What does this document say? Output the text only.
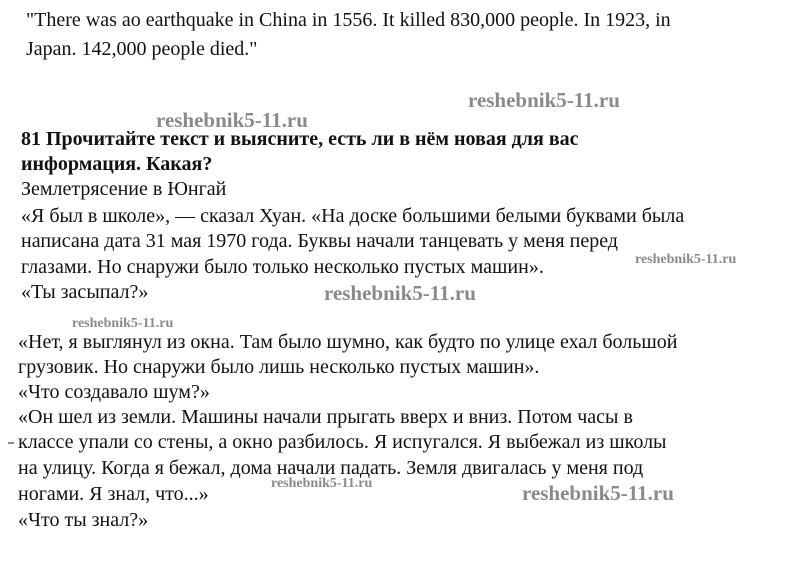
"There was ao earthquake in China in 1556. It killed 830,000 people. In 1923, in
Japan. 142,000 people died."
reshebnik5-11.ru
reshebnik5-11.ru
reshebnik5-11.ru
reshebnik5-11.ru
reshebnik5-11.ru
reshebnik5-11.ru	reshebnik5-11.ru
81 Прочитайте текст и выясните, есть ли в нём новая для вас
информация. Какая?
Землетрясение в Юнгай
«Я был в школе», — сказал Хуан. «На доске большими белыми буквами была
написана дата 31 мая 1970 года. Буквы начали танцевать у меня перед
глазами. Но снаружи было только несколько пустых машин».
«Ты засыпал?»
«Нет, я выглянул из окна. Там было шумно, как будто по улице ехал большой
грузовик. Но снаружи было лишь несколько пустых машин».
«Что создавало шум?»
«Он шел из земли. Машины начали прыгать вверх и вниз. Потом часы в
классе упали со стены, а окно разбилось. Я испугался. Я выбежал из школы
на улицу. Когда я бежал, дома начали падать. Земля двигалась у меня под
ногами. Я знал, что...»
«Что ты знал?»
